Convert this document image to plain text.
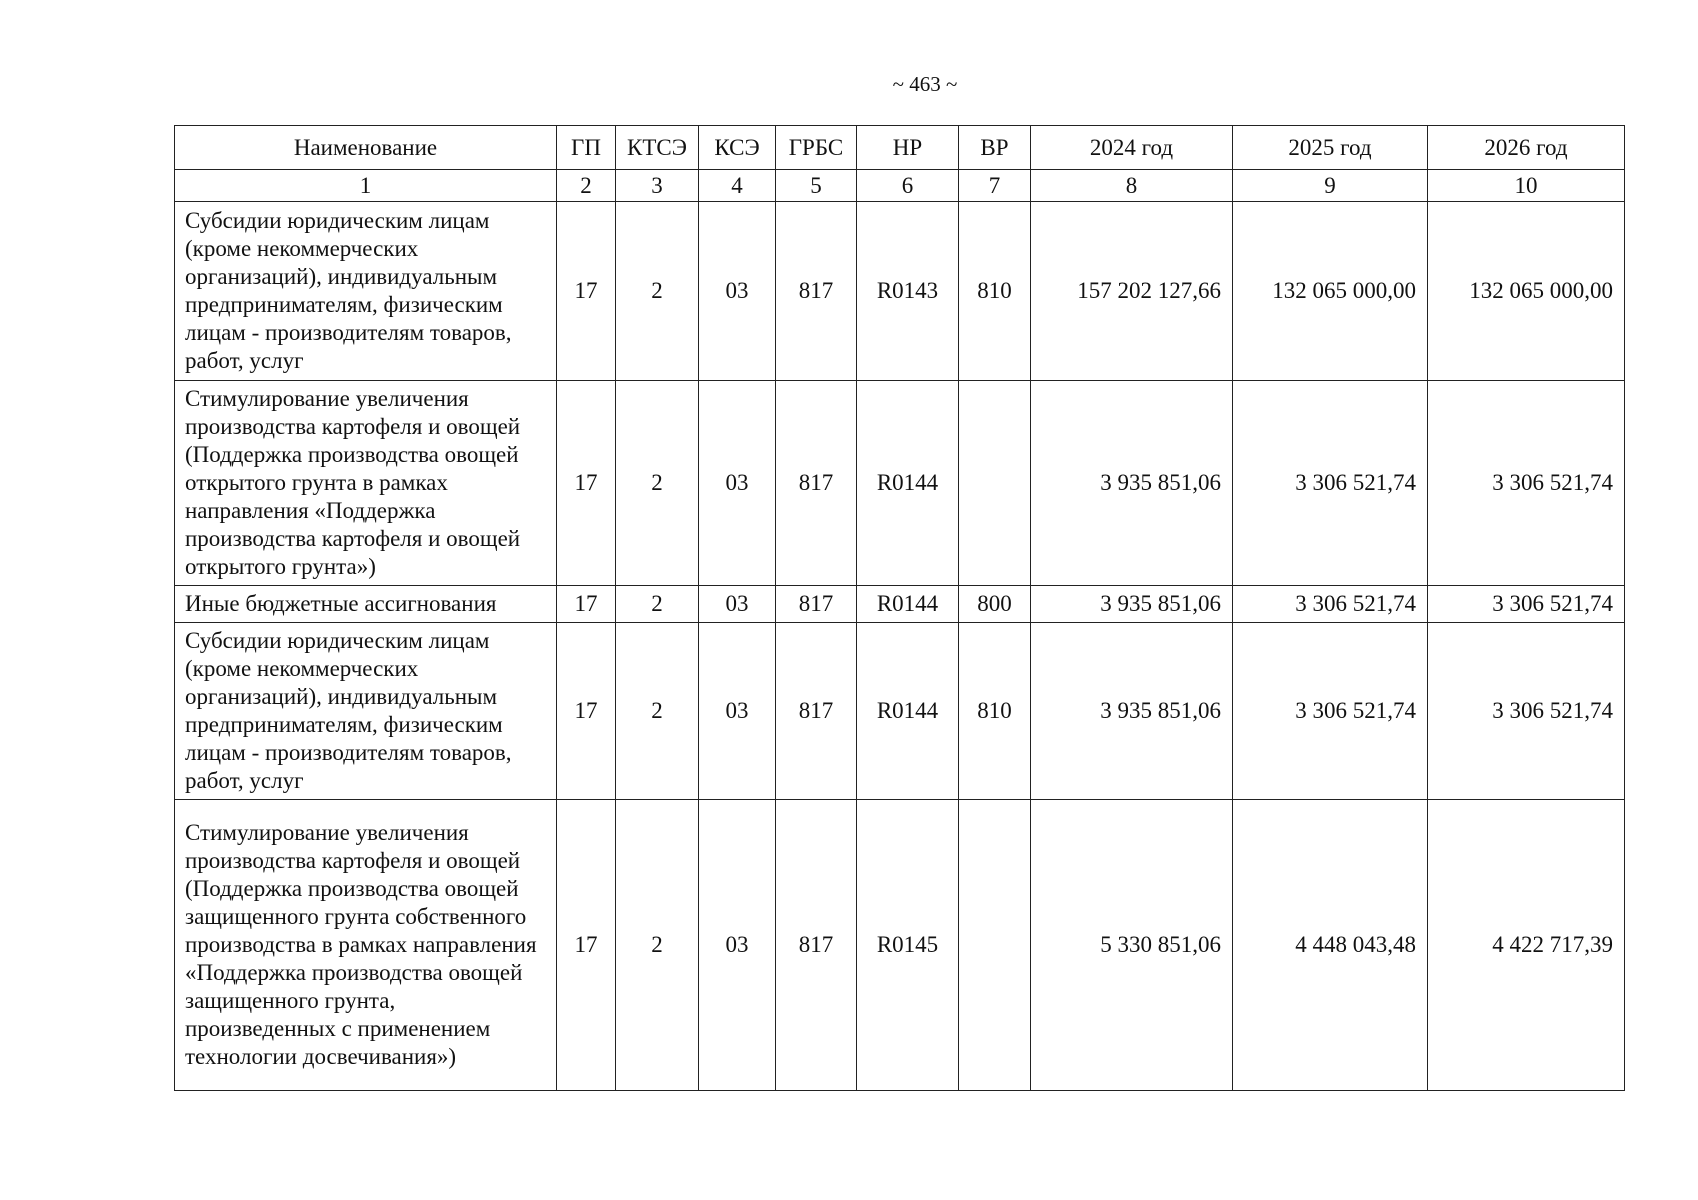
~ 463 ~
Наименование	ГП	КТСЭ	КСЭ	ГРБС	НР	ВР	2024 год	2025 год	2026 год
1	2	3	4	5	6	7	8	9	10
Субсидии юридическим лицам (кроме некоммерческих организаций), индивидуальным предпринимателям, физическим лицам - производителям товаров, работ, услуг	17	2	03	817	R0143	810	157 202 127,66	132 065 000,00	132 065 000,00
Стимулирование увеличения производства картофеля и овощей (Поддержка производства овощей открытого грунта в рамках направления «Поддержка производства картофеля и овощей открытого грунта»)	17	2	03	817	R0144		3 935 851,06	3 306 521,74	3 306 521,74
Иные бюджетные ассигнования	17	2	03	817	R0144	800	3 935 851,06	3 306 521,74	3 306 521,74
Субсидии юридическим лицам (кроме некоммерческих организаций), индивидуальным предпринимателям, физическим лицам - производителям товаров, работ, услуг	17	2	03	817	R0144	810	3 935 851,06	3 306 521,74	3 306 521,74
Стимулирование увеличения производства картофеля и овощей (Поддержка производства овощей защищенного грунта собственного производства в рамках направления «Поддержка производства овощей защищенного грунта, произведенных с применением технологии досвечивания»)	17	2	03	817	R0145		5 330 851,06	4 448 043,48	4 422 717,39
